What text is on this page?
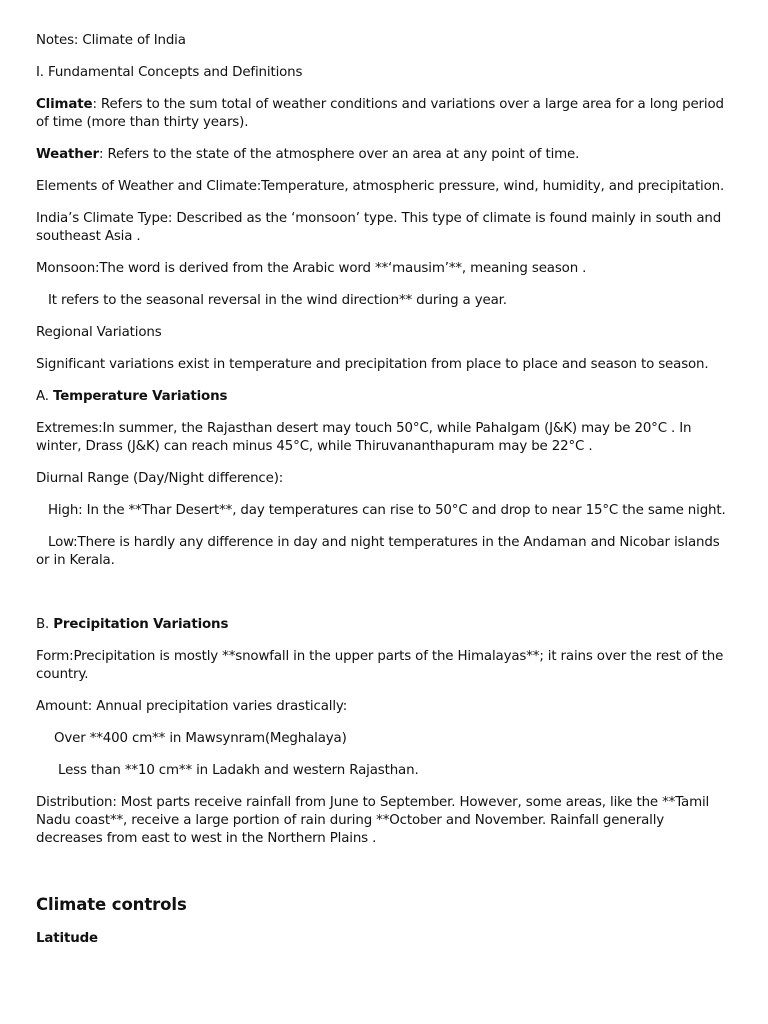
Notes: Climate of India

I. Fundamental Concepts and Definitions

Climate: Refers to the sum total of weather conditions and variations over a large area for a long period of time (more than thirty years).

Weather: Refers to the state of the atmosphere over an area at any point of time.

Elements of Weather and Climate:Temperature, atmospheric pressure, wind, humidity, and precipitation.

India’s Climate Type: Described as the ‘monsoon’ type. This type of climate is found mainly in south and southeast Asia .

Monsoon:The word is derived from the Arabic word **‘mausim’**, meaning season .

It refers to the seasonal reversal in the wind direction** during a year.

Regional Variations

Significant variations exist in temperature and precipitation from place to place and season to season.

A. Temperature Variations

Extremes:In summer, the Rajasthan desert may touch 50°C, while Pahalgam (J&K) may be 20°C . In winter, Drass (J&K) can reach minus 45°C, while Thiruvananthapuram may be 22°C .

Diurnal Range (Day/Night difference):

High: In the **Thar Desert**, day temperatures can rise to 50°C and drop to near 15°C the same night.

Low:There is hardly any difference in day and night temperatures in the Andaman and Nicobar islands or in Kerala.

B. Precipitation Variations

Form:Precipitation is mostly **snowfall in the upper parts of the Himalayas**; it rains over the rest of the country.

Amount: Annual precipitation varies drastically:

Over **400 cm** in Mawsynram(Meghalaya)

Less than **10 cm** in Ladakh and western Rajasthan.

Distribution: Most parts receive rainfall from June to September. However, some areas, like the **Tamil Nadu coast**, receive a large portion of rain during **October and November. Rainfall generally decreases from east to west in the Northern Plains .

Climate controls

Latitude
